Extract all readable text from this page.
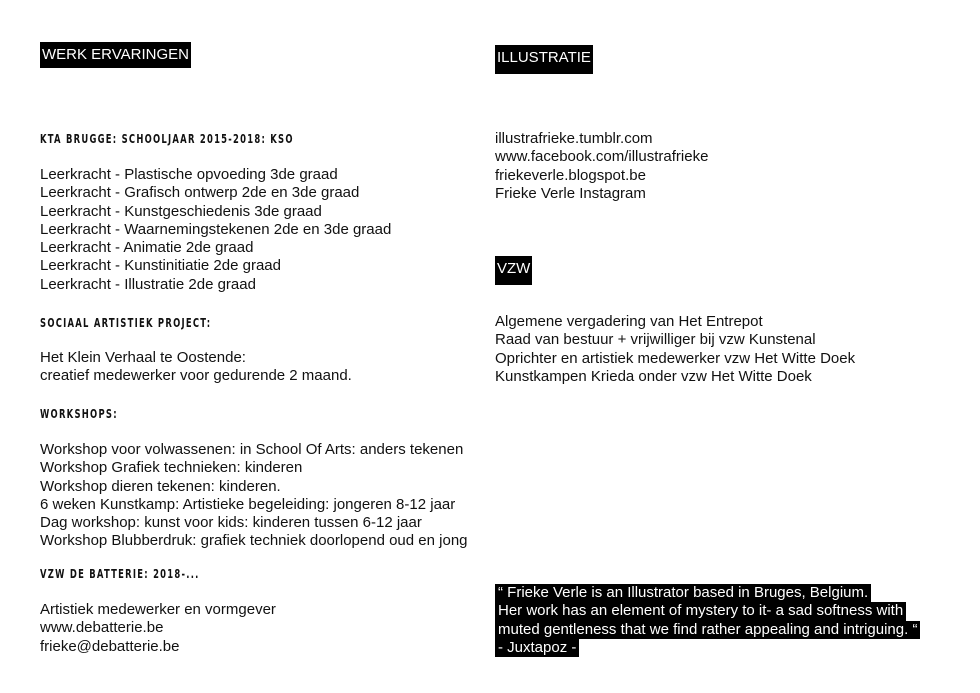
WERK ERVARINGEN
KTA BRUGGE: SCHOOLJAAR 2015-2018: KSO
Leerkracht - Plastische opvoeding 3de graad
Leerkracht - Grafisch ontwerp 2de en 3de graad
Leerkracht - Kunstgeschiedenis 3de graad
Leerkracht - Waarnemingstekenen 2de en 3de graad
Leerkracht - Animatie 2de graad
Leerkracht - Kunstinitiatie 2de graad
Leerkracht - Illustratie 2de graad
SOCIAAL ARTISTIEK PROJECT:
Het Klein Verhaal te Oostende:
creatief medewerker voor gedurende 2 maand.
WORKSHOPS:
Workshop voor volwassenen: in School Of Arts: anders tekenen
Workshop Grafiek technieken: kinderen
Workshop dieren tekenen: kinderen.
6 weken Kunstkamp: Artistieke begeleiding: jongeren 8-12 jaar
Dag workshop: kunst voor kids: kinderen tussen 6-12 jaar
Workshop Blubberdruk: grafiek techniek doorlopend oud en jong
VZW DE BATTERIE: 2018-...
Artistiek medewerker en vormgever
www.debatterie.be
frieke@debatterie.be
ILLUSTRATIE
illustrafrieke.tumblr.com
www.facebook.com/illustrafrieke
friekeverle.blogspot.be
Frieke Verle Instagram
VZW
Algemene vergadering van Het Entrepot
Raad van bestuur + vrijwilliger bij vzw Kunstenal
Oprichter en artistiek medewerker vzw Het Witte Doek
Kunstkampen Krieda onder vzw Het Witte Doek
“ Frieke Verle is an Illustrator based in Bruges, Belgium.
Her work has an element of mystery to it- a sad softness with
muted gentleness that we find rather appealing and intriguing. “
- Juxtapoz -
